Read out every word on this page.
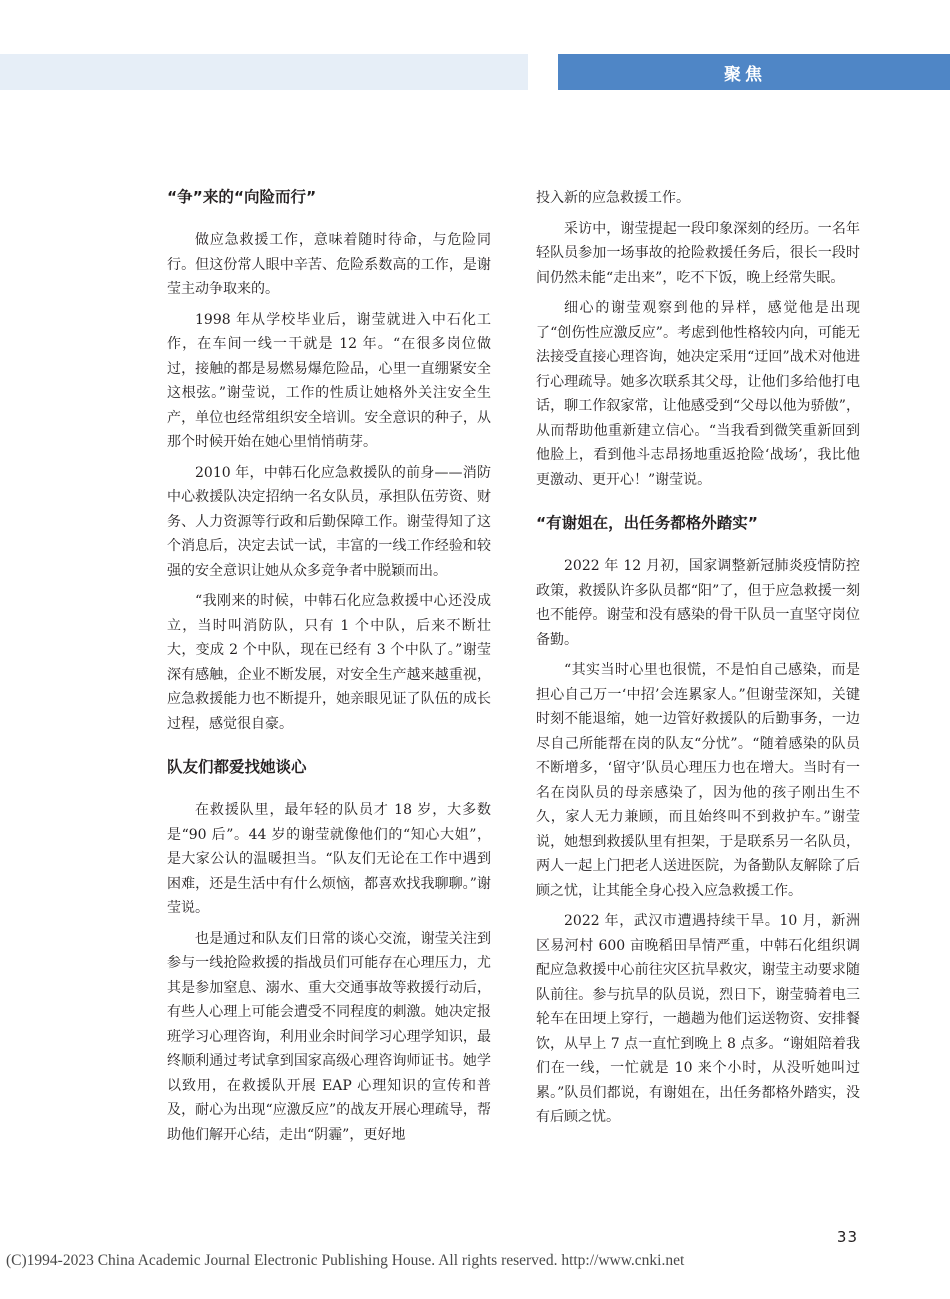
聚焦
“争”来的“向险而行”

做应急救援工作，意味着随时待命，与危险同行。但这份常人眼中辛苦、危险系数高的工作，是谢莹主动争取来的。

1998 年从学校毕业后，谢莹就进入中石化工作，在车间一线一干就是 12 年。“在很多岗位做过，接触的都是易燃易爆危险品，心里一直绷紧安全这根弦。”谢莹说，工作的性质让她格外关注安全生产，单位也经常组织安全培训。安全意识的种子，从那个时候开始在她心里悄悄萌芽。

2010 年，中韩石化应急救援队的前身——消防中心救援队决定招纳一名女队员，承担队伍劳资、财务、人力资源等行政和后勤保障工作。谢莹得知了这个消息后，决定去试一试，丰富的一线工作经验和较强的安全意识让她从众多竞争者中脱颖而出。

“我刚来的时候，中韩石化应急救援中心还没成立，当时叫消防队，只有 1 个中队，后来不断壮大，变成 2 个中队，现在已经有 3 个中队了。”谢莹深有感触，企业不断发展，对安全生产越来越重视，应急救援能力也不断提升，她亲眼见证了队伍的成长过程，感觉很自豪。

队友们都爱找她谈心

在救援队里，最年轻的队员才 18 岁，大多数是“90 后”。44 岁的谢莹就像他们的“知心大姐”，是大家公认的温暖担当。“队友们无论在工作中遇到困难，还是生活中有什么烦恼，都喜欢找我聊聊。”谢莹说。

也是通过和队友们日常的谈心交流，谢莹关注到参与一线抢险救援的指战员们可能存在心理压力，尤其是参加窒息、溺水、重大交通事故等救援行动后，有些人心理上可能会遭受不同程度的刺激。她决定报班学习心理咨询，利用业余时间学习心理学知识，最终顺利通过考试拿到国家高级心理咨询师证书。她学以致用，在救援队开展 EAP 心理知识的宣传和普及，耐心为出现“应激反应”的战友开展心理疏导，帮助他们解开心结，走出“阴霾”，更好地

投入新的应急救援工作。

采访中，谢莹提起一段印象深刻的经历。一名年轻队员参加一场事故的抢险救援任务后，很长一段时间仍然未能“走出来”，吃不下饭，晚上经常失眠。

细心的谢莹观察到他的异样，感觉他是出现了“创伤性应激反应”。考虑到他性格较内向，可能无法接受直接心理咨询，她决定采用“迂回”战术对他进行心理疏导。她多次联系其父母，让他们多给他打电话，聊工作叙家常，让他感受到“父母以他为骄傲”，从而帮助他重新建立信心。“当我看到微笑重新回到他脸上，看到他斗志昂扬地重返抢险‘战场’，我比他更激动、更开心！”谢莹说。

“有谢姐在，出任务都格外踏实”

2022 年 12 月初，国家调整新冠肺炎疫情防控政策，救援队许多队员都“阳”了，但于应急救援一刻也不能停。谢莹和没有感染的骨干队员一直坚守岗位备勤。

“其实当时心里也很慌，不是怕自己感染，而是担心自己万一‘中招’会连累家人。”但谢莹深知，关键时刻不能退缩，她一边管好救援队的后勤事务，一边尽自己所能帮在岗的队友“分忧”。“随着感染的队员不断增多，‘留守’队员心理压力也在增大。当时有一名在岗队员的母亲感染了，因为他的孩子刚出生不久，家人无力兼顾，而且始终叫不到救护车。”谢莹说，她想到救援队里有担架，于是联系另一名队员，两人一起上门把老人送进医院，为备勤队友解除了后顾之忧，让其能全身心投入应急救援工作。

2022 年，武汉市遭遇持续干旱。10 月，新洲区易河村 600 亩晚稻田旱情严重，中韩石化组织调配应急救援中心前往灾区抗旱救灾，谢莹主动要求随队前往。参与抗旱的队员说，烈日下，谢莹骑着电三轮车在田埂上穿行，一趟趟为他们运送物资、安排餐饮，从早上 7 点一直忙到晚上 8 点多。“谢姐陪着我们在一线，一忙就是 10 来个小时，从没听她叫过累。”队员们都说，有谢姐在，出任务都格外踏实，没有后顾之忧。

33
(C)1994-2023 China Academic Journal Electronic Publishing House. All rights reserved. http://www.cnki.net
